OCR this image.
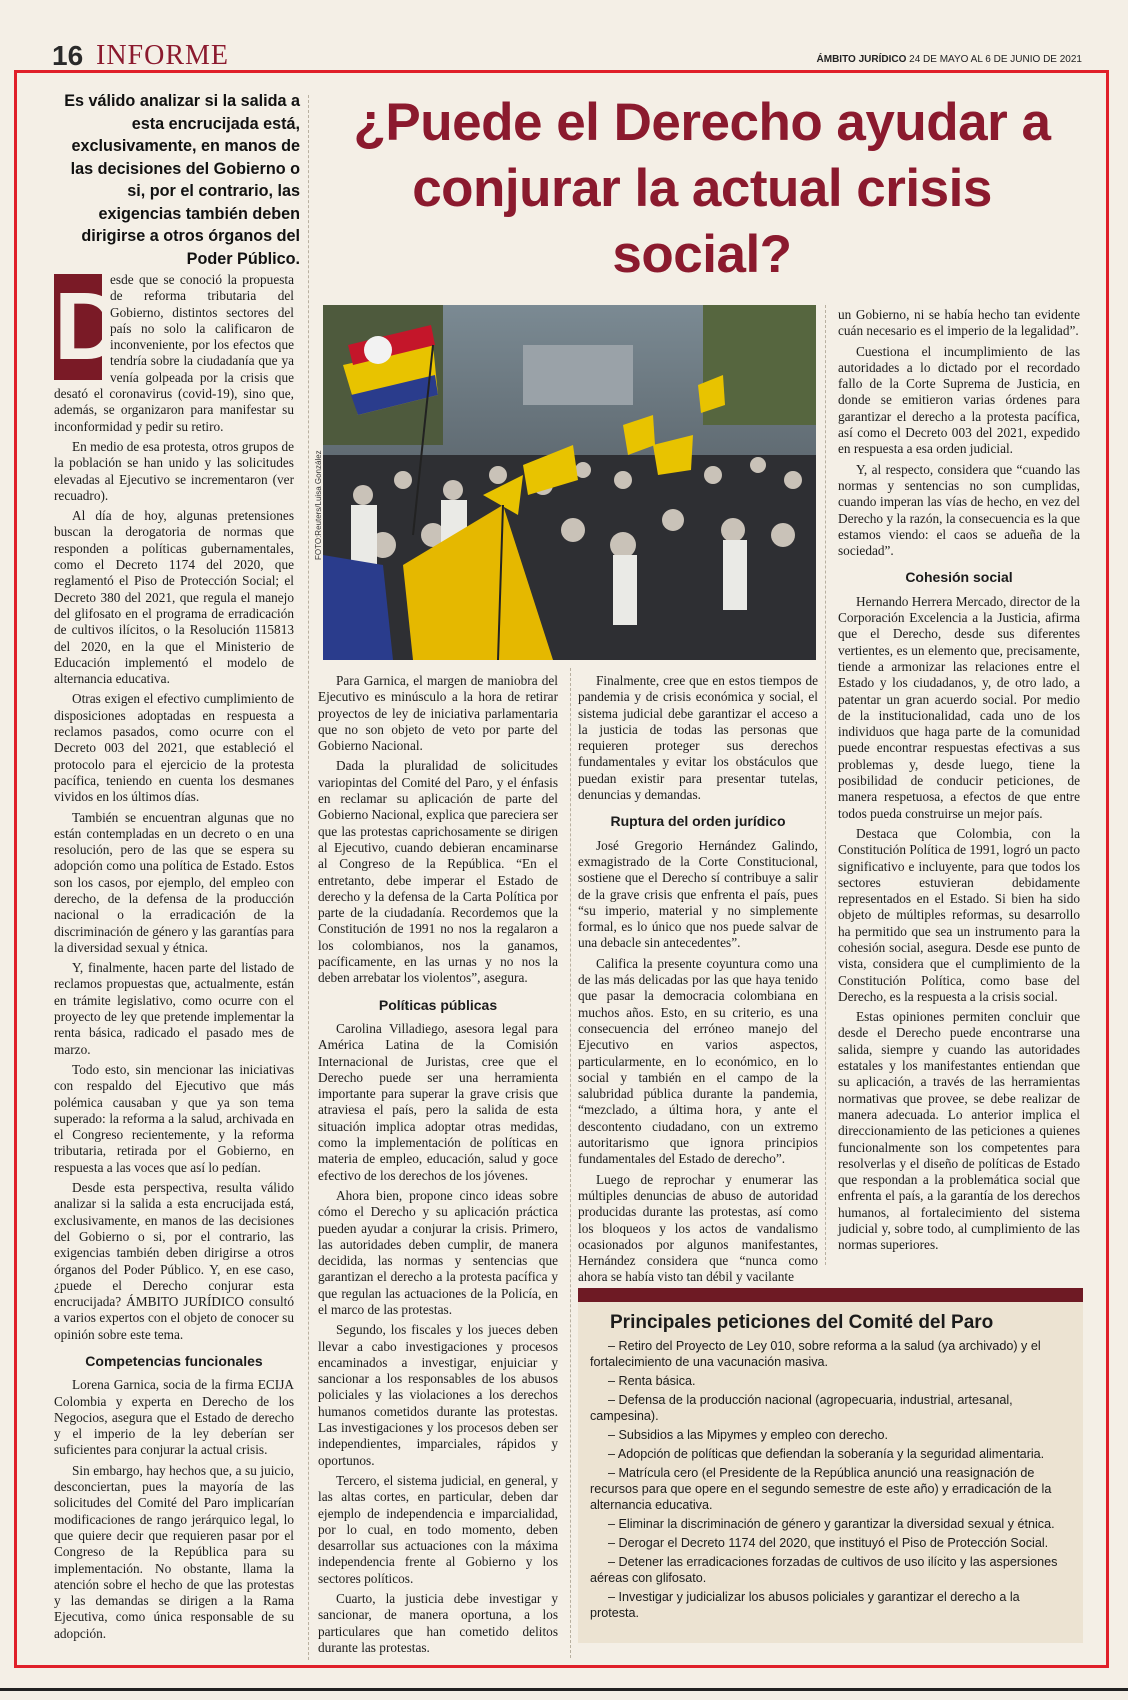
16 INFORME	ÁMBITO JURÍDICO 24 DE MAYO AL 6 DE JUNIO DE 2021
Es válido analizar si la salida a esta encrucijada está, exclusivamente, en manos de las decisiones del Gobierno o si, por el contrario, las exigencias también deben dirigirse a otros órganos del Poder Público.
¿Puede el Derecho ayudar a conjurar la actual crisis social?

D
esde que se conoció la propuesta de reforma tributaria del Gobierno, distintos sectores del país no solo la calificaron de inconveniente, por los efectos que tendría sobre la ciudadanía que ya venía golpeada por la crisis que desató el coronavirus (covid-19), sino que, además, se organizaron para manifestar su inconformidad y pedir su retiro.

En medio de esa protesta, otros grupos de la población se han unido y las solicitudes elevadas al Ejecutivo se incrementaron (ver recuadro).

Al día de hoy, algunas pretensiones buscan la derogatoria de normas que responden a políticas gubernamentales, como el Decreto 1174 del 2020, que reglamentó el Piso de Protección Social; el Decreto 380 del 2021, que regula el manejo del glifosato en el programa de erradicación de cultivos ilícitos, o la Resolución 115813 del 2020, en la que el Ministerio de Educación implementó el modelo de alternancia educativa.

Otras exigen el efectivo cumplimiento de disposiciones adoptadas en respuesta a reclamos pasados, como ocurre con el Decreto 003 del 2021, que estableció el protocolo para el ejercicio de la protesta pacífica, teniendo en cuenta los desmanes vividos en los últimos días.

También se encuentran algunas que no están contempladas en un decreto o en una resolución, pero de las que se espera su adopción como una política de Estado. Estos son los casos, por ejemplo, del empleo con derecho, de la defensa de la producción nacional o la erradicación de la discriminación de género y las garantías para la diversidad sexual y étnica.

Y, finalmente, hacen parte del listado de reclamos propuestas que, actualmente, están en trámite legislativo, como ocurre con el proyecto de ley que pretende implementar la renta básica, radicado el pasado mes de marzo.

Todo esto, sin mencionar las iniciativas con respaldo del Ejecutivo que más polémica causaban y que ya son tema superado: la reforma a la salud, archivada en el Congreso recientemente, y la reforma tributaria, retirada por el Gobierno, en respuesta a las voces que así lo pedían.

Desde esta perspectiva, resulta válido analizar si la salida a esta encrucijada está, exclusivamente, en manos de las decisiones del Gobierno o si, por el contrario, las exigencias también deben dirigirse a otros órganos del Poder Público. Y, en ese caso, ¿puede el Derecho conjurar esta encrucijada? ÁMBITO JURÍDICO consultó a varios expertos con el objeto de conocer su opinión sobre este tema.

Competencias funcionales

Lorena Garnica, socia de la firma ECIJA Colombia y experta en Derecho de los Negocios, asegura que el Estado de derecho y el imperio de la ley deberían ser suficientes para conjurar la actual crisis.

Sin embargo, hay hechos que, a su juicio, desconciertan, pues la mayoría de las solicitudes del Comité del Paro implicarían modificaciones de rango jerárquico legal, lo que quiere decir que requieren pasar por el Congreso de la República para su implementación. No obstante, llama la atención sobre el hecho de que las protestas y las demandas se dirigen a la Rama Ejecutiva, como única responsable de su adopción.

FOTO:Reuters/Luisa González

Para Garnica, el margen de maniobra del Ejecutivo es minúsculo a la hora de retirar proyectos de ley de iniciativa parlamentaria que no son objeto de veto por parte del Gobierno Nacional.

Dada la pluralidad de solicitudes variopintas del Comité del Paro, y el énfasis en reclamar su aplicación de parte del Gobierno Nacional, explica que pareciera ser que las protestas caprichosamente se dirigen al Ejecutivo, cuando debieran encaminarse al Congreso de la República. “En el entretanto, debe imperar el Estado de derecho y la defensa de la Carta Política por parte de la ciudadanía. Recordemos que la Constitución de 1991 no nos la regalaron a los colombianos, nos la ganamos, pacíficamente, en las urnas y no nos la deben arrebatar los violentos”, asegura.

Políticas públicas

Carolina Villadiego, asesora legal para América Latina de la Comisión Internacional de Juristas, cree que el Derecho puede ser una herramienta importante para superar la grave crisis que atraviesa el país, pero la salida de esta situación implica adoptar otras medidas, como la implementación de políticas en materia de empleo, educación, salud y goce efectivo de los derechos de los jóvenes.

Ahora bien, propone cinco ideas sobre cómo el Derecho y su aplicación práctica pueden ayudar a conjurar la crisis. Primero, las autoridades deben cumplir, de manera decidida, las normas y sentencias que garantizan el derecho a la protesta pacífica y que regulan las actuaciones de la Policía, en el marco de las protestas.

Segundo, los fiscales y los jueces deben llevar a cabo investigaciones y procesos encaminados a investigar, enjuiciar y sancionar a los responsables de los abusos policiales y las violaciones a los derechos humanos cometidos durante las protestas. Las investigaciones y los procesos deben ser independientes, imparciales, rápidos y oportunos.

Tercero, el sistema judicial, en general, y las altas cortes, en particular, deben dar ejemplo de independencia e imparcialidad, por lo cual, en todo momento, deben desarrollar sus actuaciones con la máxima independencia frente al Gobierno y los sectores políticos.

Cuarto, la justicia debe investigar y sancionar, de manera oportuna, a los particulares que han cometido delitos durante las protestas.

Finalmente, cree que en estos tiempos de pandemia y de crisis económica y social, el sistema judicial debe garantizar el acceso a la justicia de todas las personas que requieren proteger sus derechos fundamentales y evitar los obstáculos que puedan existir para presentar tutelas, denuncias y demandas.

Ruptura del orden jurídico

José Gregorio Hernández Galindo, exmagistrado de la Corte Constitucional, sostiene que el Derecho sí contribuye a salir de la grave crisis que enfrenta el país, pues “su imperio, material y no simplemente formal, es lo único que nos puede salvar de una debacle sin antecedentes”.

Califica la presente coyuntura como una de las más delicadas por las que haya tenido que pasar la democracia colombiana en muchos años. Esto, en su criterio, es una consecuencia del erróneo manejo del Ejecutivo en varios aspectos, particularmente, en lo económico, en lo social y también en el campo de la salubridad pública durante la pandemia, “mezclado, a última hora, y ante el descontento ciudadano, con un extremo autoritarismo que ignora principios fundamentales del Estado de derecho”.

Luego de reprochar y enumerar las múltiples denuncias de abuso de autoridad producidas durante las protestas, así como los bloqueos y los actos de vandalismo ocasionados por algunos manifestantes, Hernández considera que “nunca como ahora se había visto tan débil y vacilante

un Gobierno, ni se había hecho tan evidente cuán necesario es el imperio de la legalidad”.

Cuestiona el incumplimiento de las autoridades a lo dictado por el recordado fallo de la Corte Suprema de Justicia, en donde se emitieron varias órdenes para garantizar el derecho a la protesta pacífica, así como el Decreto 003 del 2021, expedido en respuesta a esa orden judicial.

Y, al respecto, considera que “cuando las normas y sentencias no son cumplidas, cuando imperan las vías de hecho, en vez del Derecho y la razón, la consecuencia es la que estamos viendo: el caos se adueña de la sociedad”.

Cohesión social

Hernando Herrera Mercado, director de la Corporación Excelencia a la Justicia, afirma que el Derecho, desde sus diferentes vertientes, es un elemento que, precisamente, tiende a armonizar las relaciones entre el Estado y los ciudadanos, y, de otro lado, a patentar un gran acuerdo social. Por medio de la institucionalidad, cada uno de los individuos que haga parte de la comunidad puede encontrar respuestas efectivas a sus problemas y, desde luego, tiene la posibilidad de conducir peticiones, de manera respetuosa, a efectos de que entre todos pueda construirse un mejor país.

Destaca que Colombia, con la Constitución Política de 1991, logró un pacto significativo e incluyente, para que todos los sectores estuvieran debidamente representados en el Estado. Si bien ha sido objeto de múltiples reformas, su desarrollo ha permitido que sea un instrumento para la cohesión social, asegura. Desde ese punto de vista, considera que el cumplimiento de la Constitución Política, como base del Derecho, es la respuesta a la crisis social.

Estas opiniones permiten concluir que desde el Derecho puede encontrarse una salida, siempre y cuando las autoridades estatales y los manifestantes entiendan que su aplicación, a través de las herramientas normativas que provee, se debe realizar de manera adecuada. Lo anterior implica el direccionamiento de las peticiones a quienes funcionalmente son los competentes para resolverlas y el diseño de políticas de Estado que respondan a la problemática social que enfrenta el país, a la garantía de los derechos humanos, al fortalecimiento del sistema judicial y, sobre todo, al cumplimiento de las normas superiores.

Principales peticiones del Comité del Paro
– Retiro del Proyecto de Ley 010, sobre reforma a la salud (ya archivado) y el fortalecimiento de una vacunación masiva.
– Renta básica.
– Defensa de la producción nacional (agropecuaria, industrial, artesanal, campesina).
– Subsidios a las Mipymes y empleo con derecho.
– Adopción de políticas que defiendan la soberanía y la seguridad alimentaria.
– Matrícula cero (el Presidente de la República anunció una reasignación de recursos para que opere en el segundo semestre de este año) y erradicación de la alternancia educativa.
– Eliminar la discriminación de género y garantizar la diversidad sexual y étnica.
– Derogar el Decreto 1174 del 2020, que instituyó el Piso de Protección Social.
– Detener las erradicaciones forzadas de cultivos de uso ilícito y las aspersiones aéreas con glifosato.
– Investigar y judicializar los abusos policiales y garantizar el derecho a la protesta.
